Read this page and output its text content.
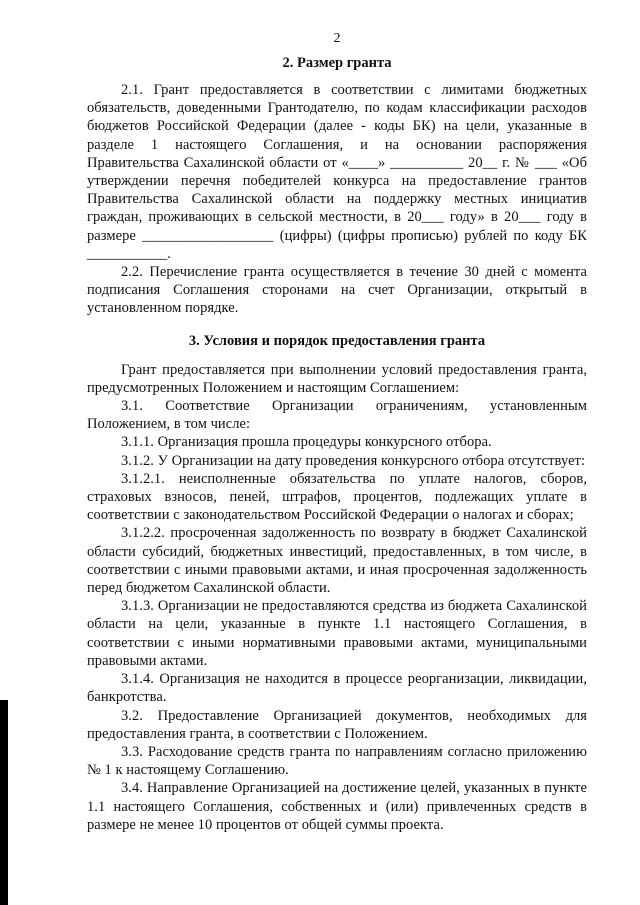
2
2. Размер гранта

2.1. Грант предоставляется в соответствии с лимитами бюджетных обязательств, доведенными Грантодателю, по кодам классификации расходов бюджетов Российской Федерации (далее - коды БК) на цели, указанные в разделе 1 настоящего Соглашения, и на основании распоряжения Правительства Сахалинской области от «____» __________ 20__ г. № ___ «Об утверждении перечня победителей конкурса на предоставление грантов Правительства Сахалинской области на поддержку местных инициатив граждан, проживающих в сельской местности, в 20___ году» в 20___ году в размере __________________ (цифры) (цифры прописью) рублей по коду БК ___________.

2.2. Перечисление гранта осуществляется в течение 30 дней с момента подписания Соглашения сторонами на счет Организации, открытый в установленном порядке.

3. Условия и порядок предоставления гранта

Грант предоставляется при выполнении условий предоставления гранта, предусмотренных Положением и настоящим Соглашением:

3.1. Соответствие Организации ограничениям, установленным Положением, в том числе:

3.1.1. Организация прошла процедуры конкурсного отбора.

3.1.2. У Организации на дату проведения конкурсного отбора отсутствует:

3.1.2.1. неисполненные обязательства по уплате налогов, сборов, страховых взносов, пеней, штрафов, процентов, подлежащих уплате в соответствии с законодательством Российской Федерации о налогах и сборах;

3.1.2.2. просроченная задолженность по возврату в бюджет Сахалинской области субсидий, бюджетных инвестиций, предоставленных, в том числе, в соответствии с иными правовыми актами, и иная просроченная задолженность перед бюджетом Сахалинской области.

3.1.3. Организации не предоставляются средства из бюджета Сахалинской области на цели, указанные в пункте 1.1 настоящего Соглашения, в соответствии с иными нормативными правовыми актами, муниципальными правовыми актами.

3.1.4. Организация не находится в процессе реорганизации, ликвидации, банкротства.

3.2. Предоставление Организацией документов, необходимых для предоставления гранта, в соответствии с Положением.

3.3. Расходование средств гранта по направлениям согласно приложению № 1 к настоящему Соглашению.

3.4. Направление Организацией на достижение целей, указанных в пункте 1.1 настоящего Соглашения, собственных и (или) привлеченных средств в размере не менее 10 процентов от общей суммы проекта.
